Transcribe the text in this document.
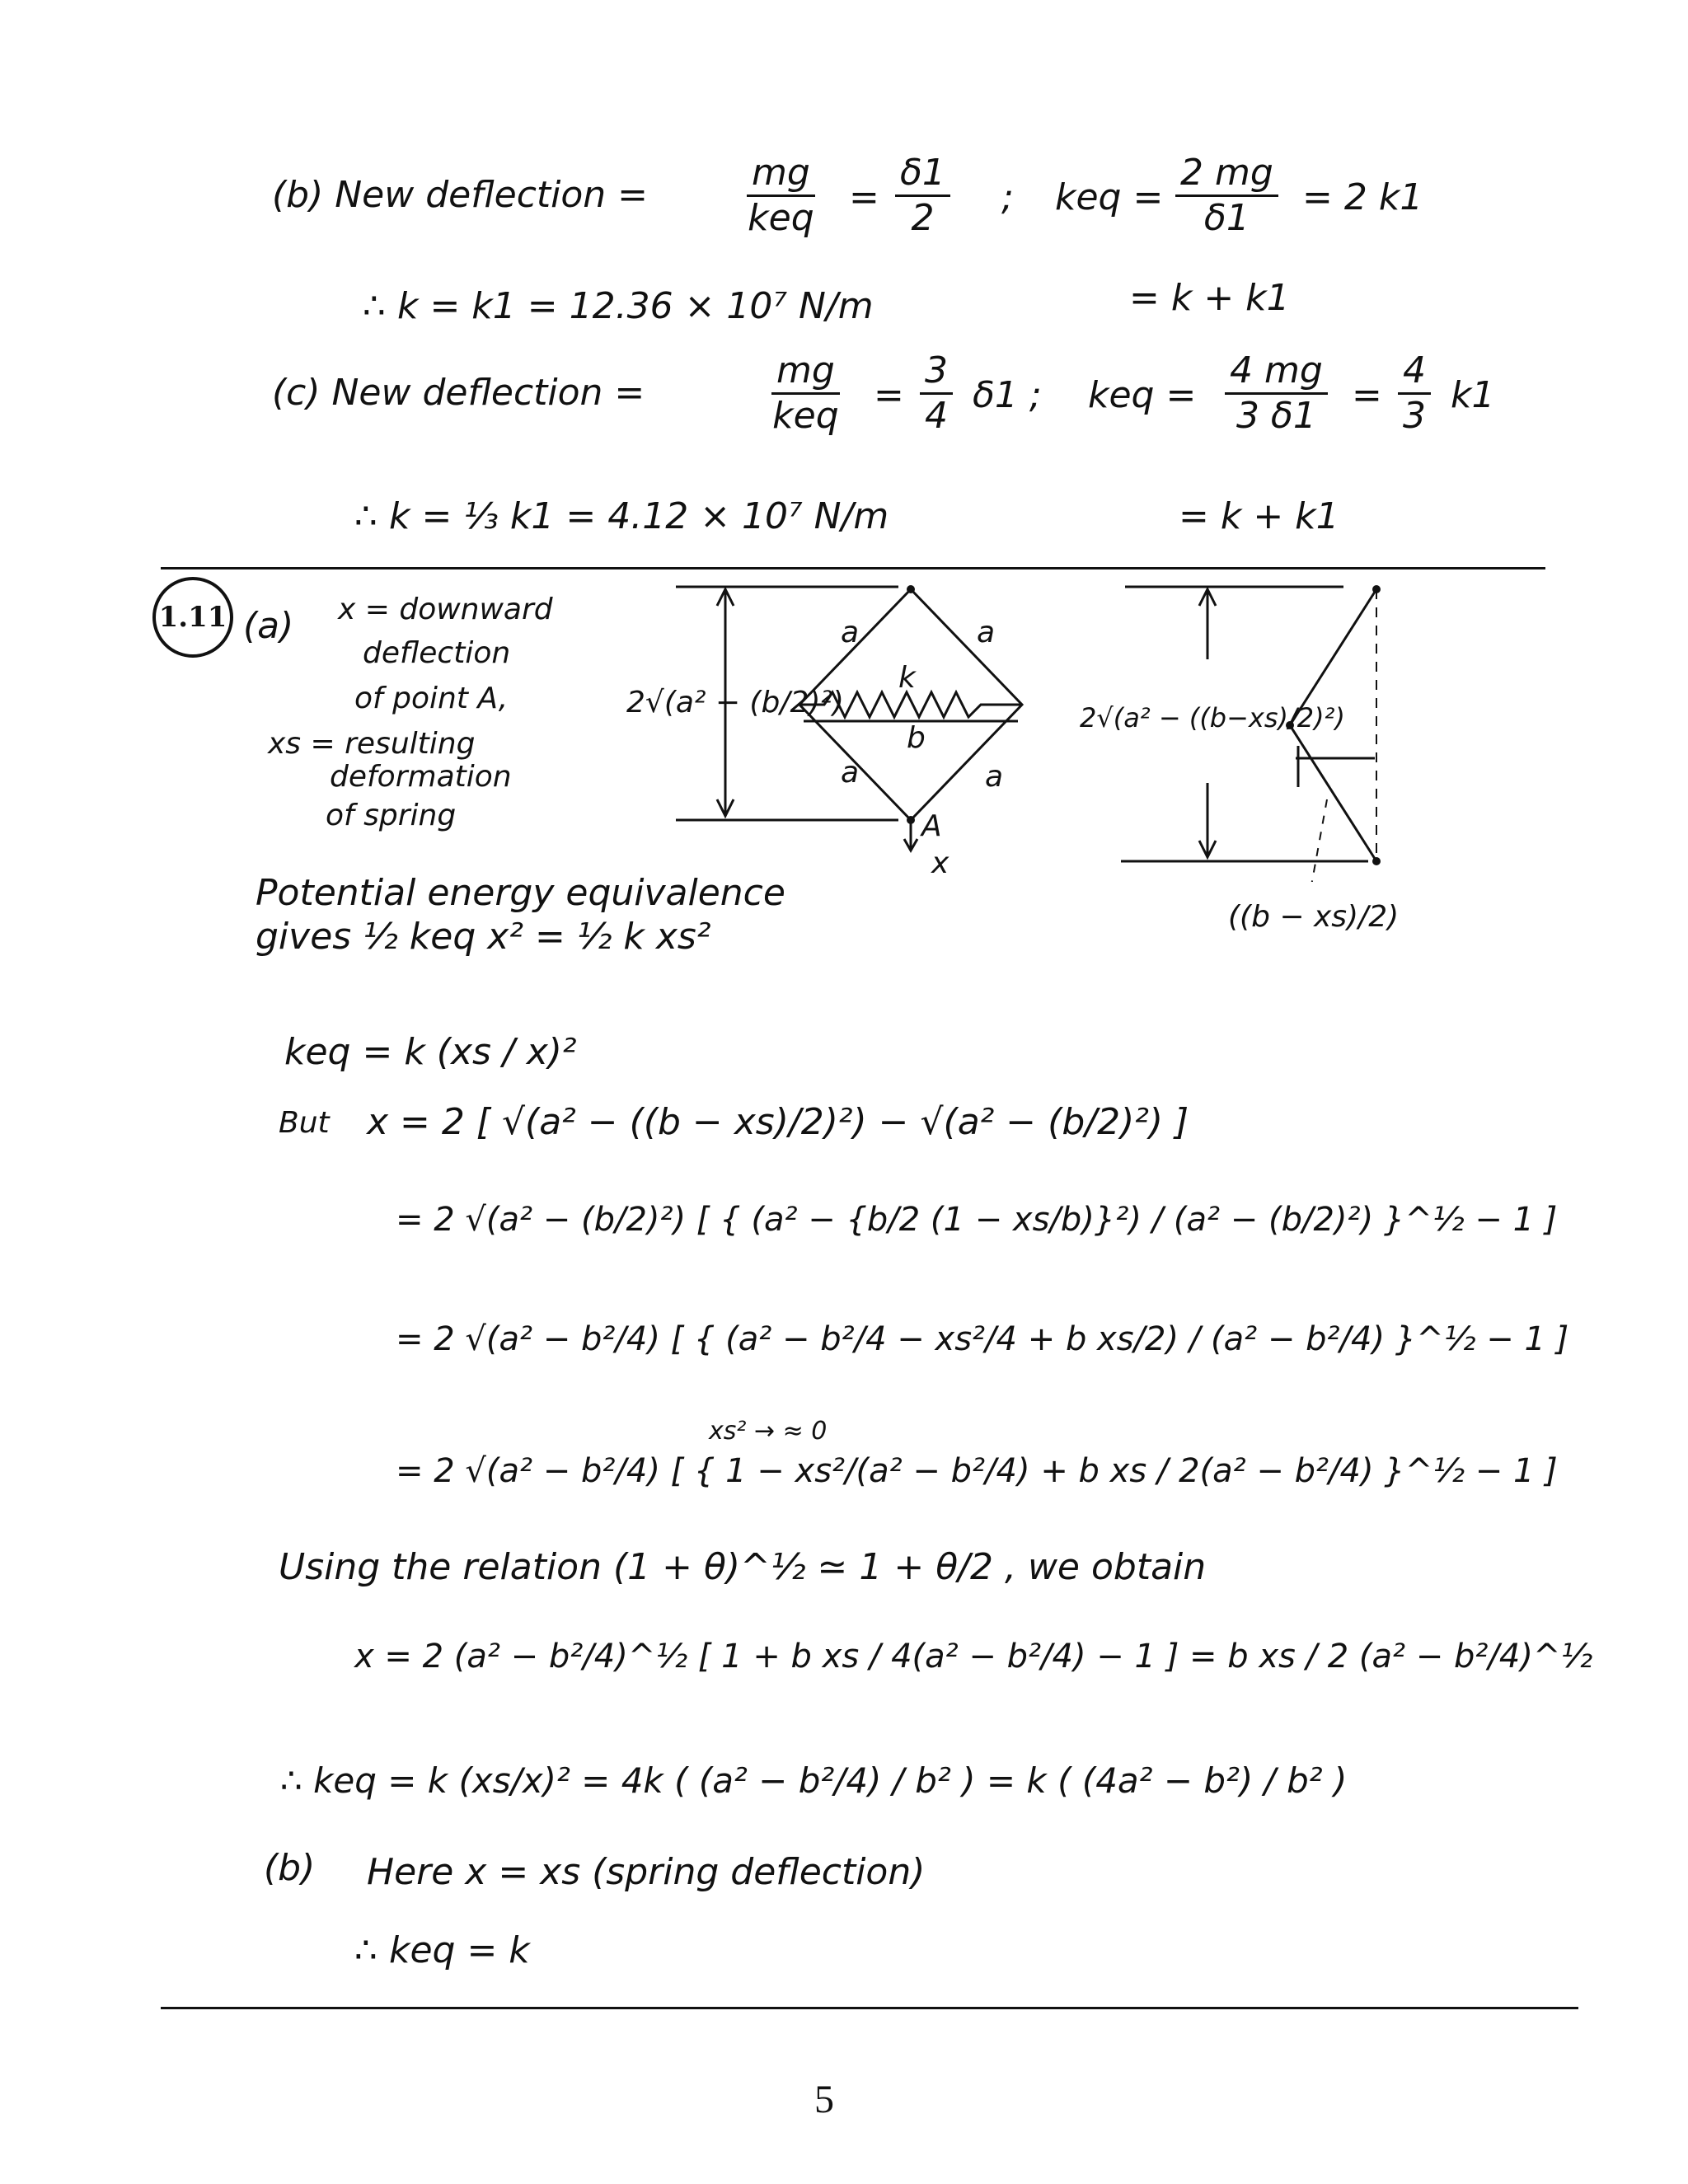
(b) New deflection =	$\frac{mg}{\text{keq}} = \frac{\delta 1}{2}$ ; keq = $\frac{2 mg}{\delta 1} = 2$ k1
∴ k = k1 = 12.36 × 10⁷ N/m	= k + k1
(c) New deflection =	$\frac{mg}{\text{keq}} = \frac{3}{4} \delta 1$ ; keq = $\frac{4 mg}{3 \delta 1} = \frac{4}{3} k1$
∴ k = ⅓ k1 = 4.12 × 10⁷ N/m	= k + k1
1.11 (a) x = downward
deflection
of point A,
xs = resulting
deformation
of spring
2√(a² − (b/2)²)
a	a
k
b
a	a
A
x
2√(a² − ((b−xs)/2)²)
((b − xs)/2)
Potential energy equivalence
gives ½ keq x² = ½ k xs²
keq = k (xs / x)²
But x = 2 [ √(a² − ((b − xs)/2)²) − √(a² − (b/2)²) ]
= 2 √(a² − (b/2)²) [ { (a² − {b/2 (1 − xs/b)}²) / (a² − (b/2)²) }^½ − 1 ]
= 2 √(a² − b²/4) [ { (a² − b²/4 − xs²/4 + b xs/2) / (a² − b²/4) }^½ − 1 ]
xs² → ≈ 0
= 2 √(a² − b²/4) [ { 1 − xs²/(a² − b²/4) + b xs / 2(a² − b²/4) }^½ − 1 ]
Using the relation (1 + θ)^½ ≃ 1 + θ/2 , we obtain
x = 2 (a² − b²/4)^½ [ 1 + b xs / 4(a² − b²/4) − 1 ] = b xs / 2 (a² − b²/4)^½
∴ keq = k (xs/x)² = 4k ( (a² − b²/4) / b² ) = k ( (4a² − b²) / b² )
(b) Here x = xs (spring deflection)
∴ keq = k
5
